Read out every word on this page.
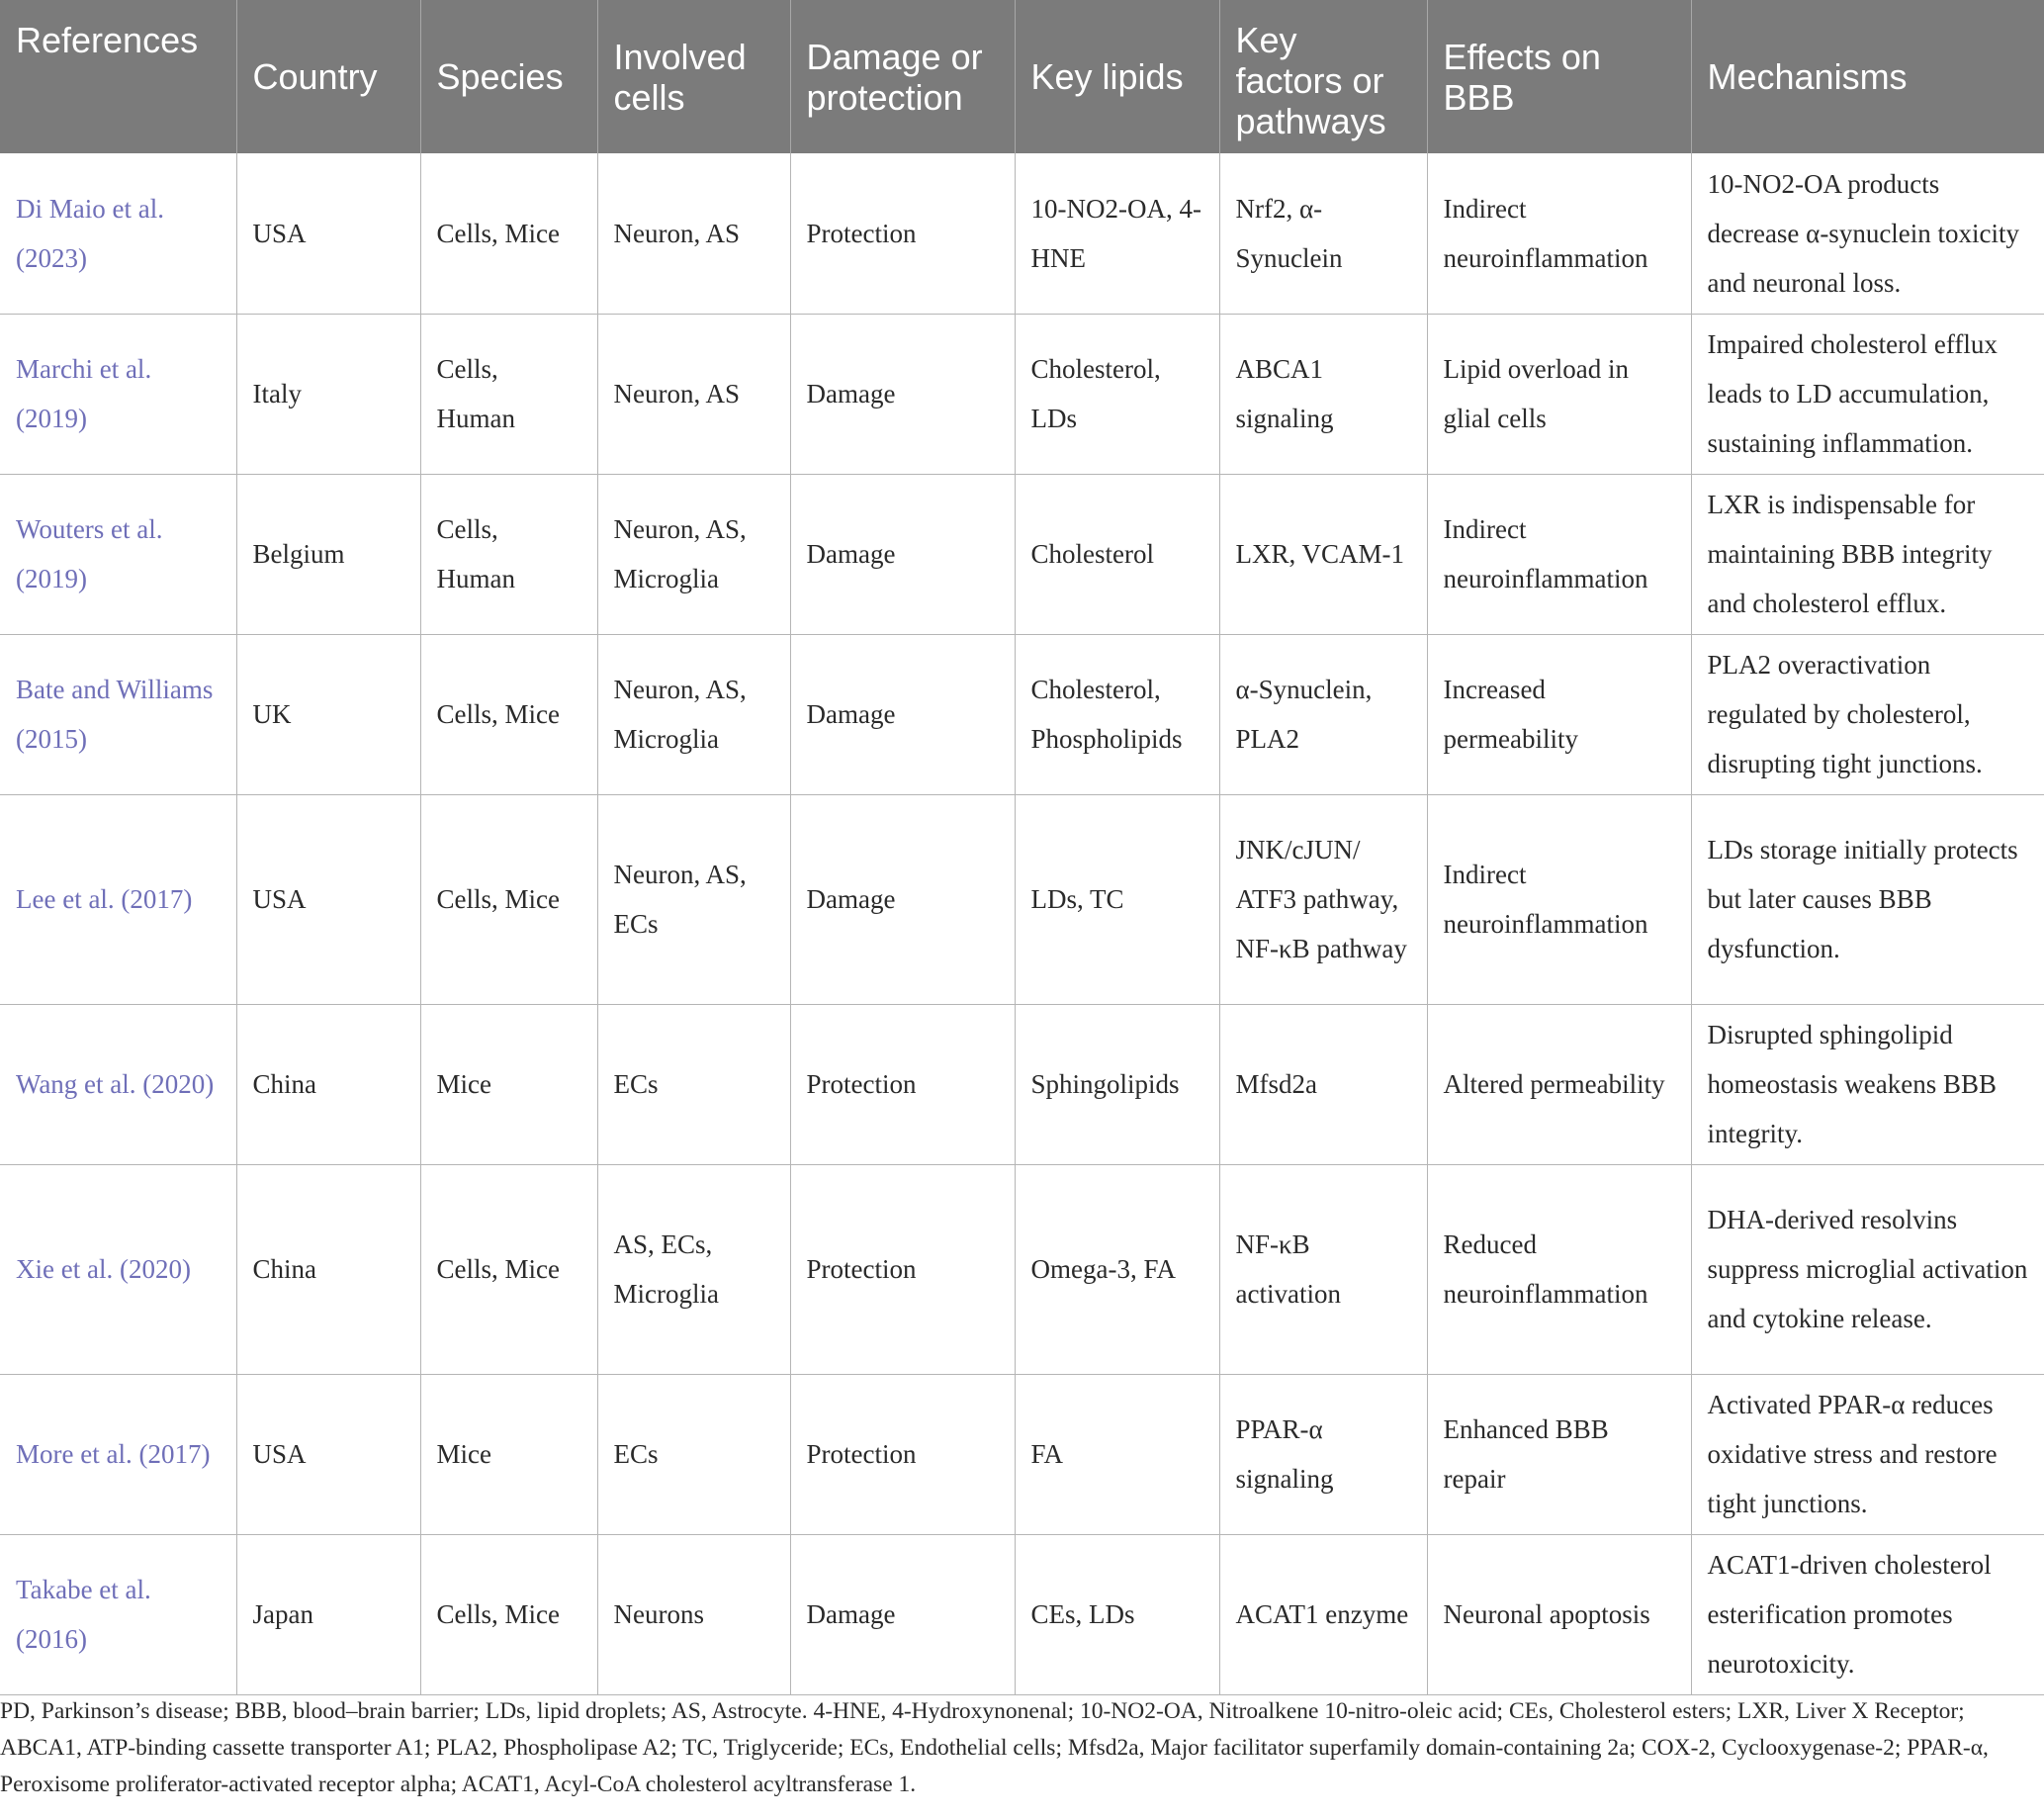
References	Country	Species	Involved cells	Damage or protection	Key lipids	Key factors or pathways	Effects on BBB	Mechanisms
Di Maio et al. (2023)	USA	Cells, Mice	Neuron, AS	Protection	10-NO2-OA, 4-HNE	Nrf2, α-Synuclein	Indirect neuroinflammation	10-NO2-OA products decrease α-synuclein toxicity and neuronal loss.
Marchi et al. (2019)	Italy	Cells, Human	Neuron, AS	Damage	Cholesterol, LDs	ABCA1 signaling	Lipid overload in glial cells	Impaired cholesterol efflux leads to LD accumulation, sustaining inflammation.
Wouters et al. (2019)	Belgium	Cells, Human	Neuron, AS, Microglia	Damage	Cholesterol	LXR, VCAM-1	Indirect neuroinflammation	LXR is indispensable for maintaining BBB integrity and cholesterol efflux.
Bate and Williams (2015)	UK	Cells, Mice	Neuron, AS, Microglia	Damage	Cholesterol, Phospholipids	α-Synuclein, PLA2	Increased permeability	PLA2 overactivation regulated by cholesterol, disrupting tight junctions.
Lee et al. (2017)	USA	Cells, Mice	Neuron, AS, ECs	Damage	LDs, TC	JNK/cJUN/ ATF3 pathway, NF-κB pathway	Indirect neuroinflammation	LDs storage initially protects but later causes BBB dysfunction.
Wang et al. (2020)	China	Mice	ECs	Protection	Sphingolipids	Mfsd2a	Altered permeability	Disrupted sphingolipid homeostasis weakens BBB integrity.
Xie et al. (2020)	China	Cells, Mice	AS, ECs, Microglia	Protection	Omega-3, FA	NF-κB activation	Reduced neuroinflammation	DHA-derived resolvins suppress microglial activation and cytokine release.
More et al. (2017)	USA	Mice	ECs	Protection	FA	PPAR-α signaling	Enhanced BBB repair	Activated PPAR-α reduces oxidative stress and restore tight junctions.
Takabe et al. (2016)	Japan	Cells, Mice	Neurons	Damage	CEs, LDs	ACAT1 enzyme	Neuronal apoptosis	ACAT1-driven cholesterol esterification promotes neurotoxicity.

PD, Parkinson’s disease; BBB, blood–brain barrier; LDs, lipid droplets; AS, Astrocyte. 4-HNE, 4-Hydroxynonenal; 10-NO2-OA, Nitroalkene 10-nitro-oleic acid; CEs, Cholesterol esters; LXR, Liver X Receptor; ABCA1, ATP-binding cassette transporter A1; PLA2, Phospholipase A2; TC, Triglyceride; ECs, Endothelial cells; Mfsd2a, Major facilitator superfamily domain-containing 2a; COX-2, Cyclooxygenase-2; PPAR-α, Peroxisome proliferator-activated receptor alpha; ACAT1, Acyl-CoA cholesterol acyltransferase 1.
